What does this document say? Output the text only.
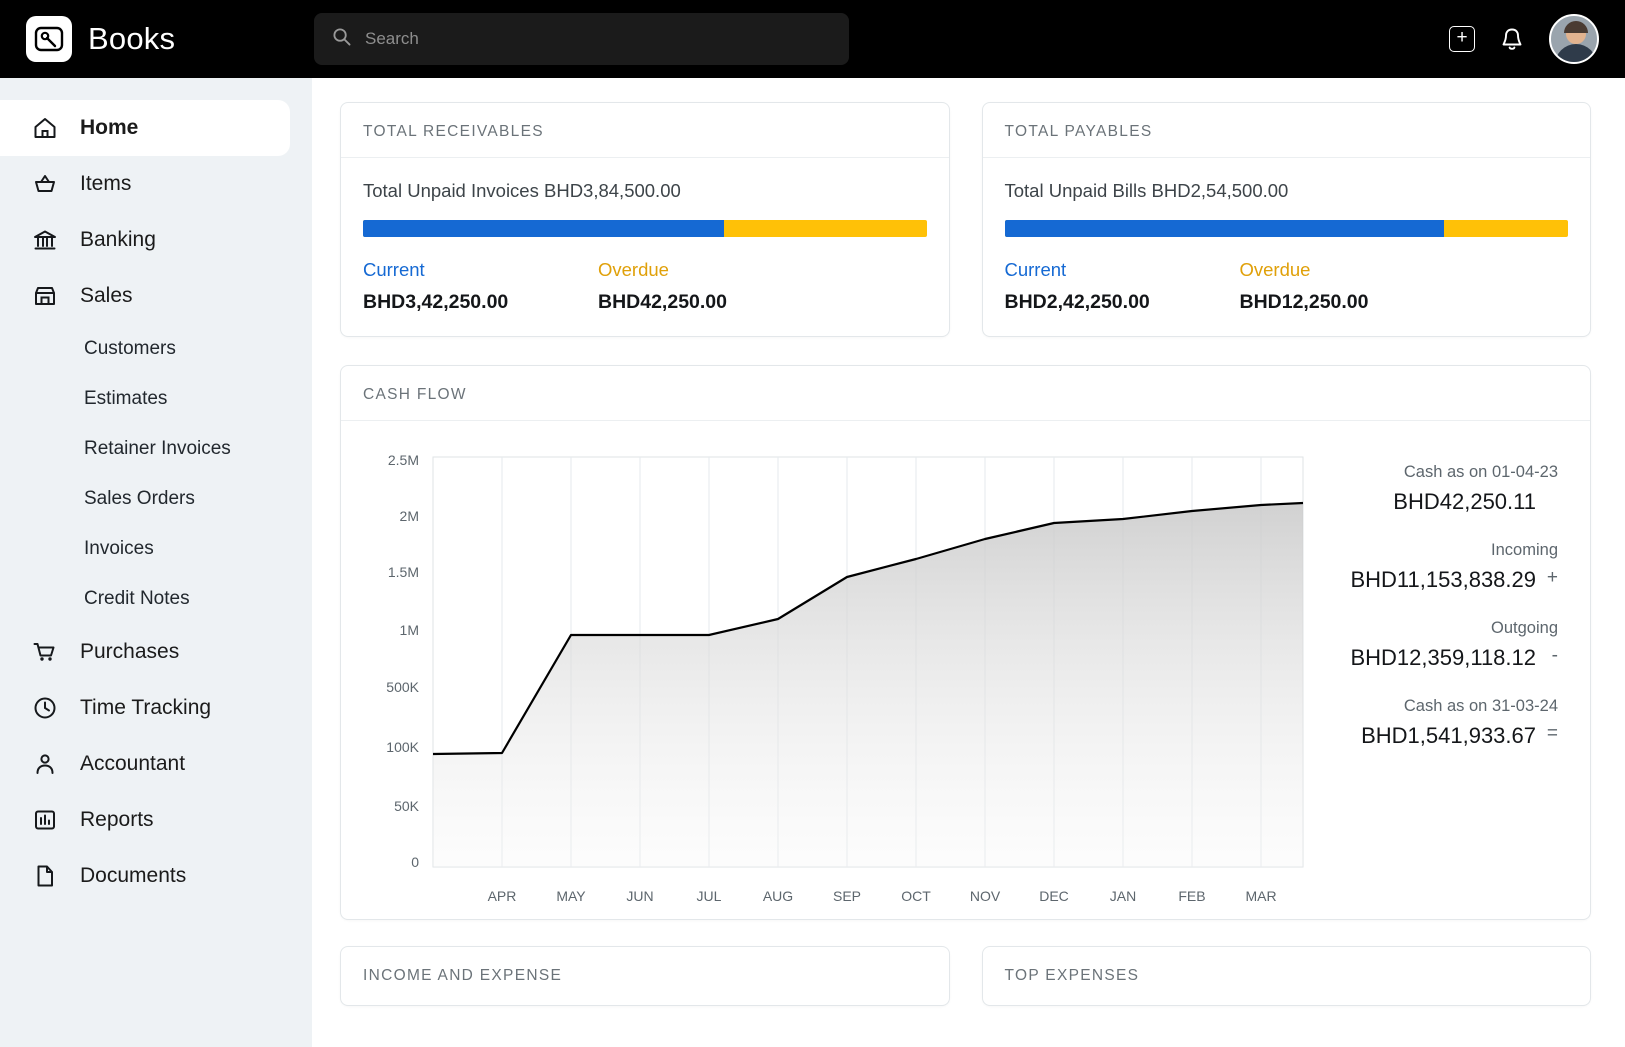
Books
Search	+
Home
Items
Banking
Sales
Customers
Estimates
Retainer Invoices
Sales Orders
Invoices
Credit Notes
Purchases
Time Tracking
Accountant
Reports
Documents
TOTAL RECEIVABLES
Total Unpaid Invoices BHD3,84,500.00
Current
BHD3,42,250.00
Overdue
BHD42,250.00
TOTAL PAYABLES
Total Unpaid Bills BHD2,54,500.00
Current
BHD2,42,250.00
Overdue
BHD12,250.00
CASH FLOW
2.5M
2M
1.5M
1M
500K
100K
50K
0
APR	MAY	JUN	JUL	AUG	SEP	OCT	NOV	DEC	JAN	FEB	MAR
Cash as on 01-04-23
BHD42,250.11
Incoming
BHD11,153,838.29 +
Outgoing
BHD12,359,118.12 -
Cash as on 31-03-24
BHD1,541,933.67 =
INCOME AND EXPENSE	TOP EXPENSES
